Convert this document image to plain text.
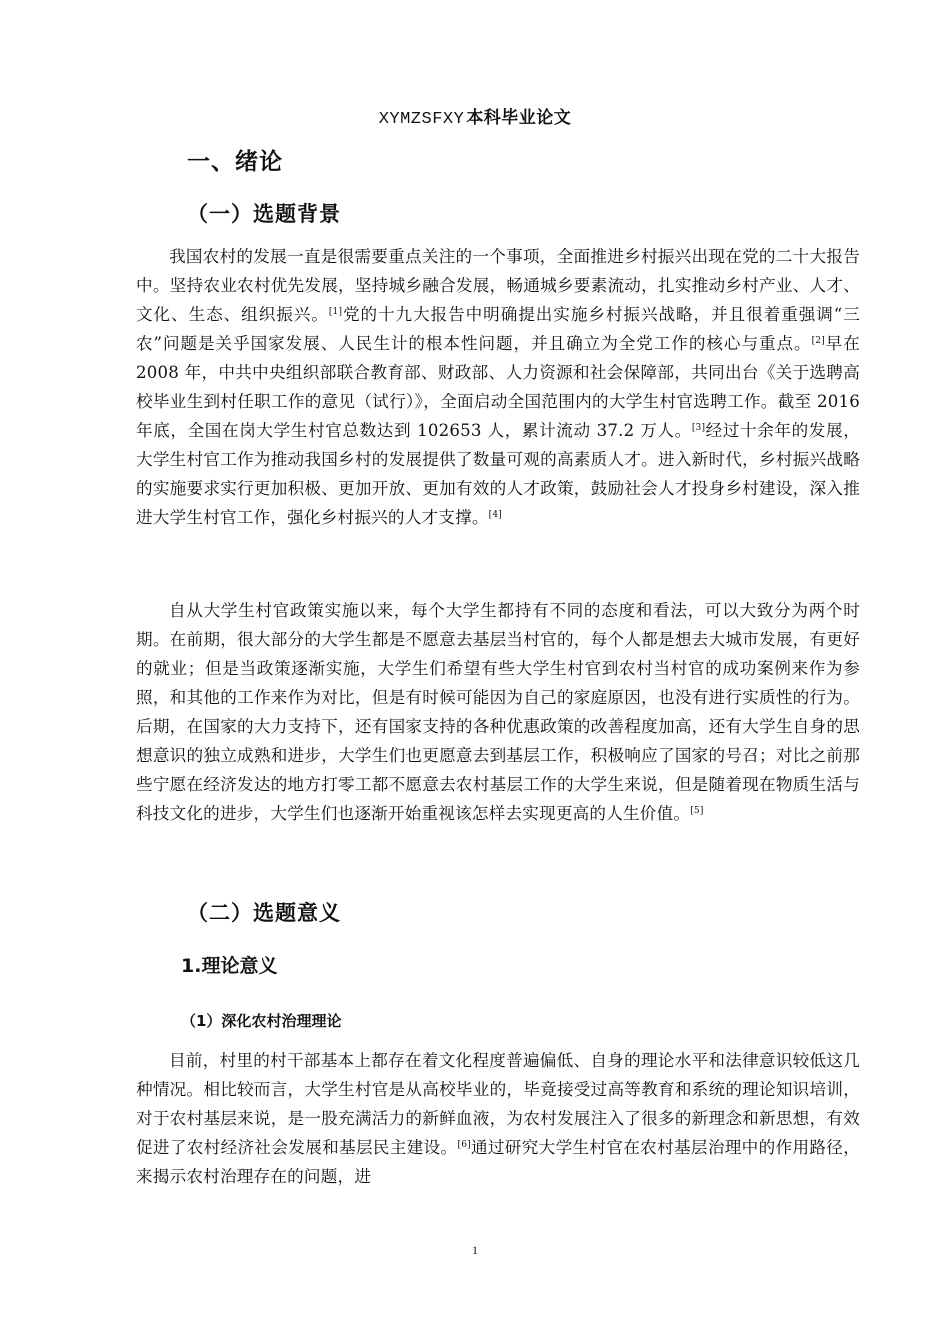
XYMZSFXY 本科毕业论文
一、绪论
（一）选题背景
我国农村的发展一直是很需要重点关注的一个事项，全面推进乡村振兴出现在党的二十大报告中。坚持农业农村优先发展，坚持城乡融合发展，畅通城乡要素流动，扎实推动乡村产业、人才、文化、生态、组织振兴。[1]党的十九大报告中明确提出实施乡村振兴战略，并且很着重强调“三农”问题是关乎国家发展、人民生计的根本性问题，并且确立为全党工作的核心与重点。[2]早在 2008 年，中共中央组织部联合教育部、财政部、人力资源和社会保障部，共同出台《关于选聘高校毕业生到村任职工作的意见（试行）》，全面启动全国范围内的大学生村官选聘工作。截至 2016 年底，全国在岗大学生村官总数达到 102653 人，累计流动 37.2 万人。[3]经过十余年的发展，大学生村官工作为推动我国乡村的发展提供了数量可观的高素质人才。进入新时代，乡村振兴战略的实施要求实行更加积极、更加开放、更加有效的人才政策，鼓励社会人才投身乡村建设，深入推进大学生村官工作，强化乡村振兴的人才支撑。[4]
自从大学生村官政策实施以来，每个大学生都持有不同的态度和看法，可以大致分为两个时期。在前期，很大部分的大学生都是不愿意去基层当村官的，每个人都是想去大城市发展，有更好的就业；但是当政策逐渐实施，大学生们希望有些大学生村官到农村当村官的成功案例来作为参照，和其他的工作来作为对比，但是有时候可能因为自己的家庭原因，也没有进行实质性的行为。后期，在国家的大力支持下，还有国家支持的各种优惠政策的改善程度加高，还有大学生自身的思想意识的独立成熟和进步，大学生们也更愿意去到基层工作，积极响应了国家的号召；对比之前那些宁愿在经济发达的地方打零工都不愿意去农村基层工作的大学生来说，但是随着现在物质生活与科技文化的进步，大学生们也逐渐开始重视该怎样去实现更高的人生价值。[5]
（二）选题意义
1.理论意义
（1）深化农村治理理论
目前，村里的村干部基本上都存在着文化程度普遍偏低、自身的理论水平和法律意识较低这几种情况。相比较而言，大学生村官是从高校毕业的，毕竟接受过高等教育和系统的理论知识培训，对于农村基层来说，是一股充满活力的新鲜血液，为农村发展注入了很多的新理念和新思想，有效促进了农村经济社会发展和基层民主建设。[6]通过研究大学生村官在农村基层治理中的作用路径，来揭示农村治理存在的问题，进
1
